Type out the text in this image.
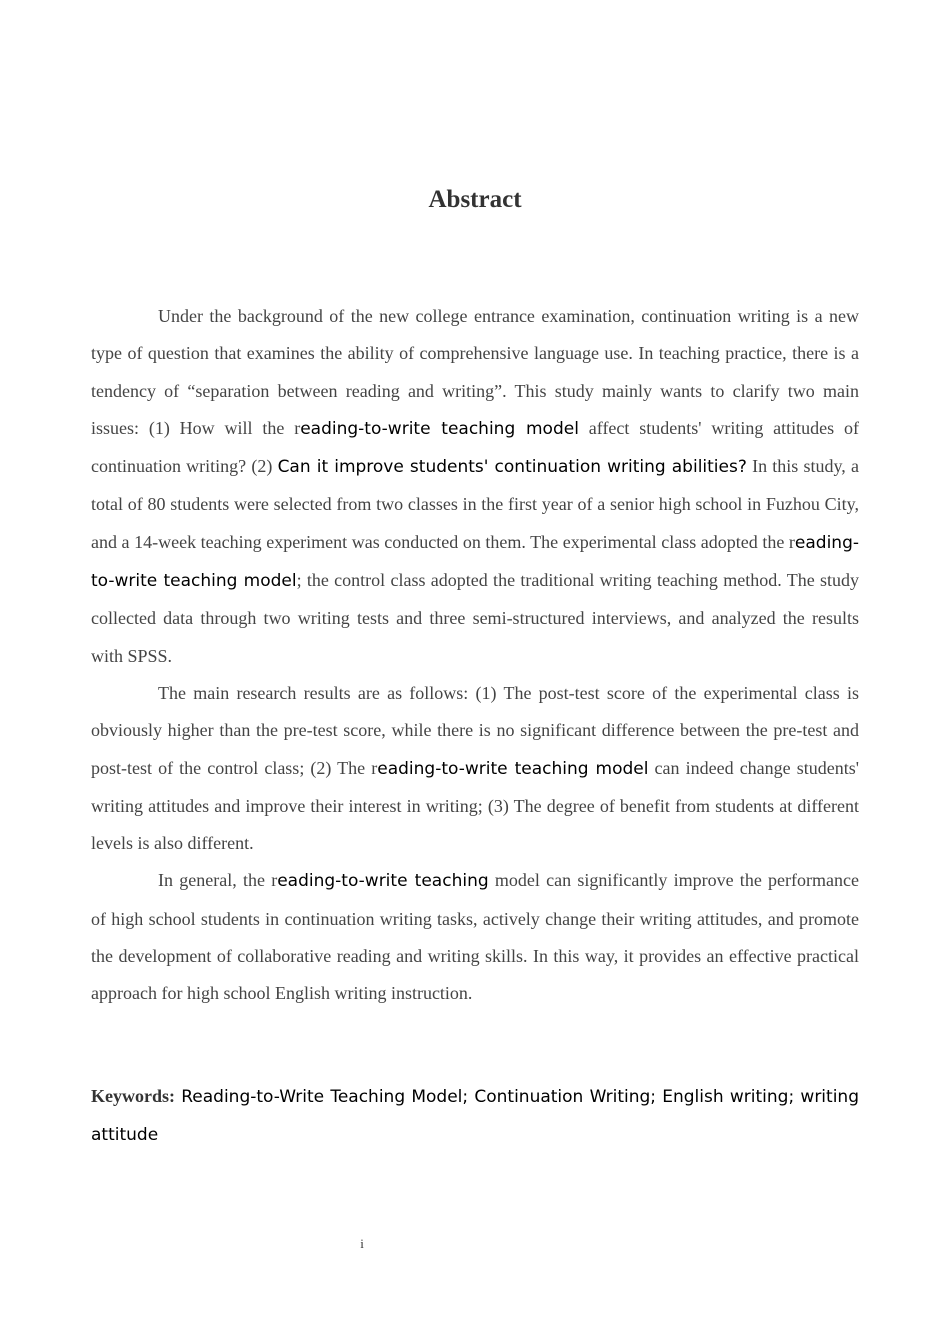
Abstract

Under the background of the new college entrance examination, continuation writing is a new type of question that examines the ability of comprehensive language use. In teaching practice, there is a tendency of “separation between reading and writing”. This study mainly wants to clarify two main issues: (1) How will the reading-to-write teaching model affect students' writing attitudes of continuation writing? (2) Can it improve students' continuation writing abilities? In this study, a total of 80 students were selected from two classes in the first year of a senior high school in Fuzhou City, and a 14-week teaching experiment was conducted on them. The experimental class adopted the reading-to-write teaching model; the control class adopted the traditional writing teaching method. The study collected data through two writing tests and three semi-structured interviews, and analyzed the results with SPSS.

The main research results are as follows: (1) The post-test score of the experimental class is obviously higher than the pre-test score, while there is no significant difference between the pre-test and post-test of the control class; (2) The reading-to-write teaching model can indeed change students' writing attitudes and improve their interest in writing; (3) The degree of benefit from students at different levels is also different.

In general, the reading-to-write teaching model can significantly improve the performance of high school students in continuation writing tasks, actively change their writing attitudes, and promote the development of collaborative reading and writing skills. In this way, it provides an effective practical approach for high school English writing instruction.

Keywords: Reading-to-Write Teaching Model; Continuation Writing; English writing; writing attitude

i
